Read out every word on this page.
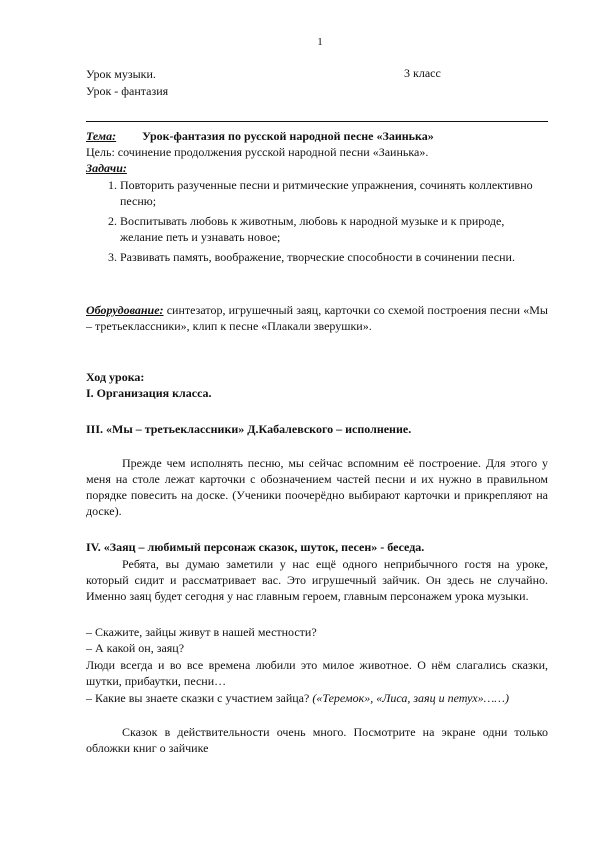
1
Урок музыки.	3 класс
Урок - фантазия
Тема: Урок-фантазия по русской народной песне «Заинька»
Цель: сочинение продолжения русской народной песни «Заинька».
Задачи:
1. Повторить разученные песни и ритмические упражнения, сочинять коллективно песню;
2. Воспитывать любовь к животным, любовь к народной музыке и к природе, желание петь и узнавать новое;
3. Развивать память, воображение, творческие способности в сочинении песни.
Оборудование: синтезатор, игрушечный заяц, карточки со схемой построения песни «Мы – третьеклассники», клип к песне «Плакали зверушки».
Ход урока:
I. Организация класса.
III. «Мы – третьеклассники» Д.Кабалевского – исполнение.
Прежде чем исполнять песню, мы сейчас вспомним её построение. Для этого у меня на столе лежат карточки с обозначением частей песни и их нужно в правильном порядке повесить на доске. (Ученики поочерёдно выбирают карточки и прикрепляют на доске).
IV. «Заяц – любимый персонаж сказок, шуток, песен» - беседа.
Ребята, вы думаю заметили у нас ещё одного неприбычного гостя на уроке, который сидит и рассматривает вас. Это игрушечный зайчик. Он здесь не случайно. Именно заяц будет сегодня у нас главным героем, главным персонажем урока музыки.
– Скажите, зайцы живут в нашей местности?
– А какой он, заяц?
Люди всегда и во все времена любили это милое животное. О нём слагались сказки, шутки, прибаутки, песни…
– Какие вы знаете сказки с участием зайца? («Теремок», «Лиса, заяц и петух»……)
Сказок в действительности очень много. Посмотрите на экране одни только обложки книг о зайчике
